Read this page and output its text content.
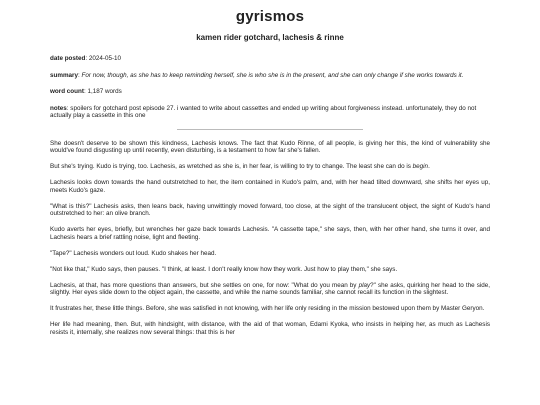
gyrismos
kamen rider gotchard, lachesis & rinne
date posted: 2024-05-10
summary: For now, though, as she has to keep reminding herself, she is who she is in the present, and she can only change if she works towards it.
word count: 1,187 words
notes: spoilers for gotchard post episode 27. i wanted to write about cassettes and ended up writing about forgiveness instead. unfortunately, they do not actually play a cassette in this one

She doesn't deserve to be shown this kindness, Lachesis knows. The fact that Kudo Rinne, of all people, is giving her this, the kind of vulnerability she would've found disgusting up until recently, even disturbing, is a testament to how far she's fallen.

But she's trying. Kudo is trying, too. Lachesis, as wretched as she is, in her fear, is willing to try to change. The least she can do is begin.

Lachesis looks down towards the hand outstretched to her, the item contained in Kudo's palm, and, with her head tilted downward, she shifts her eyes up, meets Kudo's gaze.

"What is this?" Lachesis asks, then leans back, having unwittingly moved forward, too close, at the sight of the translucent object, the sight of Kudo's hand outstretched to her: an olive branch.

Kudo averts her eyes, briefly, but wrenches her gaze back towards Lachesis. "A cassette tape," she says, then, with her other hand, she turns it over, and Lachesis hears a brief rattling noise, light and fleeting.

"Tape?" Lachesis wonders out loud. Kudo shakes her head.

"Not like that," Kudo says, then pauses. "I think, at least. I don't really know how they work. Just how to play them," she says.

Lachesis, at that, has more questions than answers, but she settles on one, for now: "What do you mean by play?" she asks, quirking her head to the side, slightly. Her eyes slide down to the object again, the cassette, and while the name sounds familiar, she cannot recall its function in the slightest.

It frustrates her, these little things. Before, she was satisfied in not knowing, with her life only residing in the mission bestowed upon them by Master Geryon.

Her life had meaning, then. But, with hindsight, with distance, with the aid of that woman, Edami Kyoka, who insists in helping her, as much as Lachesis resists it, internally, she realizes now several things: that this is her
